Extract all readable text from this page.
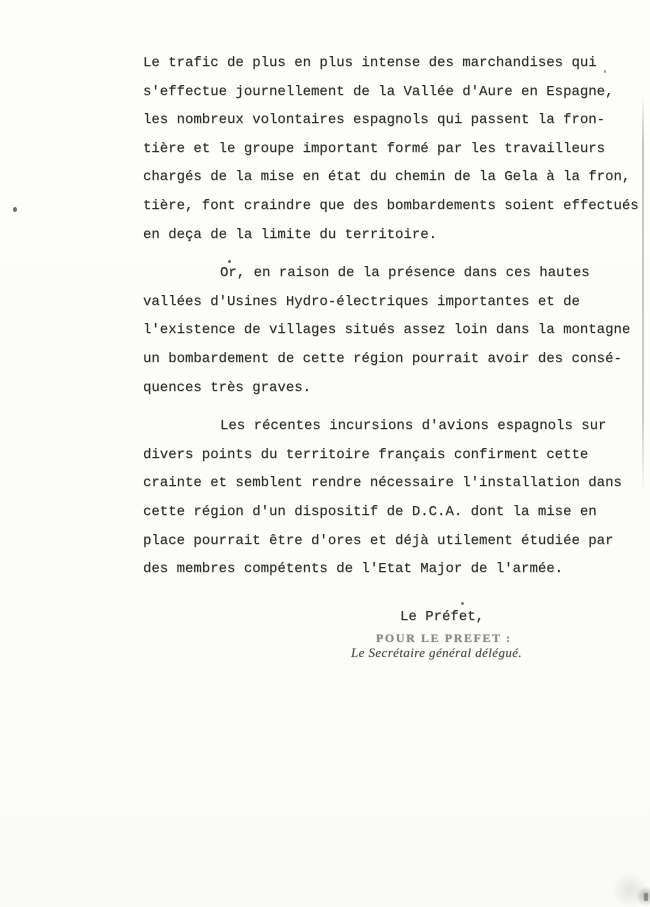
Le trafic de plus en plus intense des marchandises qui
s'effectue journellement de la Vallée d'Aure en Espagne,
les nombreux volontaires espagnols qui passent la fron-
tière et le groupe important formé par les travailleurs
chargés de la mise en état du chemin de la Gela à la fron,
tière, font craindre que des bombardements soient effectués
en deça de la limite du territoire.
Or, en raison de la présence dans ces hautes
vallées d'Usines Hydro-électriques importantes et de
l'existence de villages situés assez loin dans la montagne
un bombardement de cette région pourrait avoir des consé-
quences très graves.
Les récentes incursions d'avions espagnols sur
divers points du territoire français confirment cette
crainte et semblent rendre nécessaire l'installation dans
cette région d'un dispositif de D.C.A. dont la mise en
place pourrait être d'ores et déjà utilement étudiée par
des membres compétents de l'Etat Major de l'armée.
Le Préfet,
POUR LE PREFET :
Le Secrétaire général délégué.
